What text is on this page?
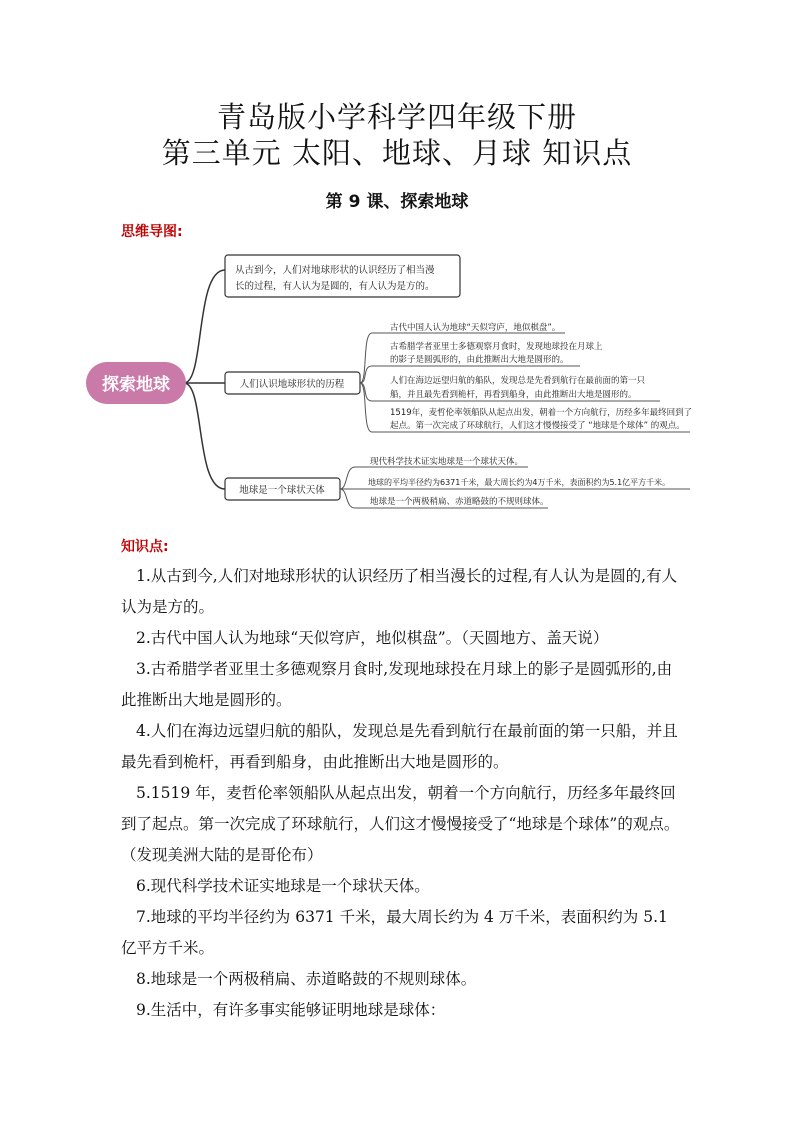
青岛版小学科学四年级下册
第三单元 太阳、地球、月球 知识点
第 9 课、探索地球
思维导图:
探索地球
从古到今，人们对地球形状的认识经历了相当漫
长的过程，有人认为是圆的，有人认为是方的。
人们认识地球形状的历程
古代中国人认为地球“天似穹庐，地似棋盘”。
古希腊学者亚里士多德观察月食时，发现地球投在月球上
的影子是圆弧形的，由此推断出大地是圆形的。
人们在海边远望归航的船队，发现总是先看到航行在最前面的第一只
船，并且最先看到桅杆，再看到船身，由此推断出大地是圆形的。
1519年，麦哲伦率领船队从起点出发，朝着一个方向航行，历经多年最终回到了
起点。第一次完成了环球航行，人们这才慢慢接受了 “地球是个球体” 的观点。
地球是一个球状天体
现代科学技术证实地球是一个球状天体。
地球的平均半径约为6371千米，最大周长约为4万千米，表面积约为5.1亿平方千米。
地球是一个两极稍扁、赤道略鼓的不规则球体。
知识点:

1.从古到今,人们对地球形状的认识经历了相当漫长的过程,有人认为是圆的,有人认为是方的。

2.古代中国人认为地球“天似穹庐，地似棋盘”。（天圆地方、盖天说）

3.古希腊学者亚里士多德观察月食时,发现地球投在月球上的影子是圆弧形的,由此推断出大地是圆形的。

4.人们在海边远望归航的船队，发现总是先看到航行在最前面的第一只船，并且最先看到桅杆，再看到船身，由此推断出大地是圆形的。

5.1519 年，麦哲伦率领船队从起点出发，朝着一个方向航行，历经多年最终回到了起点。第一次完成了环球航行，人们这才慢慢接受了“地球是个球体”的观点。（发现美洲大陆的是哥伦布）

6.现代科学技术证实地球是一个球状天体。

7.地球的平均半径约为 6371 千米，最大周长约为 4 万千米，表面积约为 5.1 亿平方千米。

8.地球是一个两极稍扁、赤道略鼓的不规则球体。

9.生活中，有许多事实能够证明地球是球体：
